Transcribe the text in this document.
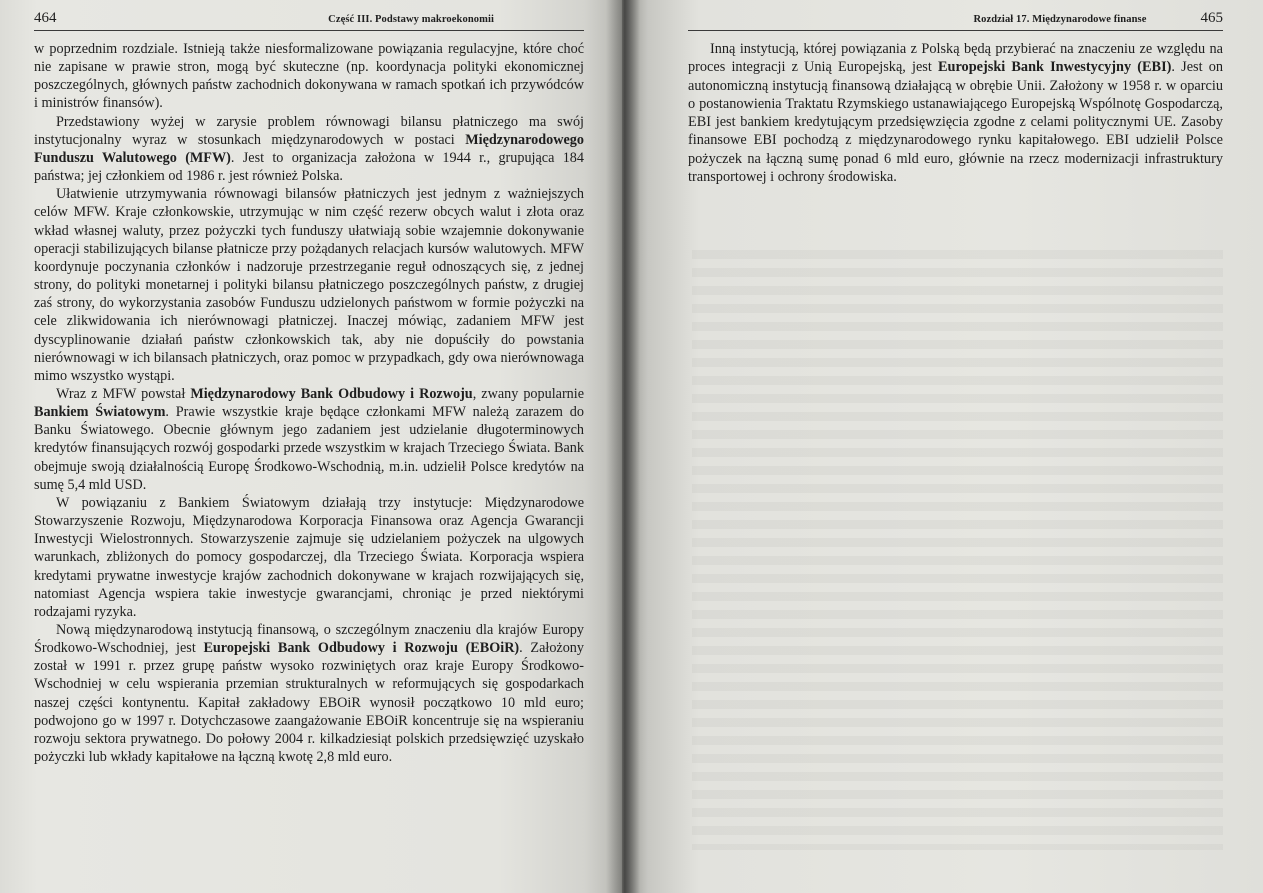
464	Część III. Podstawy makroekonomii

w poprzednim rozdziale. Istnieją także niesformalizowane powiązania regulacyjne, które choć nie zapisane w prawie stron, mogą być skuteczne (np. koordynacja polityki ekonomicznej poszczególnych, głównych państw zachodnich dokonywana w ramach spotkań ich przywódców i ministrów finansów).

Przedstawiony wyżej w zarysie problem równowagi bilansu płatniczego ma swój instytucjonalny wyraz w stosunkach międzynarodowych w postaci Międzynarodowego Funduszu Walutowego (MFW). Jest to organizacja założona w 1944 r., grupująca 184 państwa; jej członkiem od 1986 r. jest również Polska.

Ułatwienie utrzymywania równowagi bilansów płatniczych jest jednym z ważniejszych celów MFW. Kraje członkowskie, utrzymując w nim część rezerw obcych walut i złota oraz wkład własnej waluty, przez pożyczki tych funduszy ułatwiają sobie wzajemnie dokonywanie operacji stabilizujących bilanse płatnicze przy pożądanych relacjach kursów walutowych. MFW koordynuje poczynania członków i nadzoruje przestrzeganie reguł odnoszących się, z jednej strony, do polityki monetarnej i polityki bilansu płatniczego poszczególnych państw, z drugiej zaś strony, do wykorzystania zasobów Funduszu udzielonych państwom w formie pożyczki na cele zlikwidowania ich nierównowagi płatniczej. Inaczej mówiąc, zadaniem MFW jest dyscyplinowanie działań państw członkowskich tak, aby nie dopuściły do powstania nierównowagi w ich bilansach płatniczych, oraz pomoc w przypadkach, gdy owa nierównowaga mimo wszystko wystąpi.

Wraz z MFW powstał Międzynarodowy Bank Odbudowy i Rozwoju, zwany popularnie Bankiem Światowym. Prawie wszystkie kraje będące członkami MFW należą zarazem do Banku Światowego. Obecnie głównym jego zadaniem jest udzielanie długoterminowych kredytów finansujących rozwój gospodarki przede wszystkim w krajach Trzeciego Świata. Bank obejmuje swoją działalnością Europę Środkowo-Wschodnią, m.in. udzielił Polsce kredytów na sumę 5,4 mld USD.

W powiązaniu z Bankiem Światowym działają trzy instytucje: Międzynarodowe Stowarzyszenie Rozwoju, Międzynarodowa Korporacja Finansowa oraz Agencja Gwarancji Inwestycji Wielostronnych. Stowarzyszenie zajmuje się udzielaniem pożyczek na ulgowych warunkach, zbliżonych do pomocy gospodarczej, dla Trzeciego Świata. Korporacja wspiera kredytami prywatne inwestycje krajów zachodnich dokonywane w krajach rozwijających się, natomiast Agencja wspiera takie inwestycje gwarancjami, chroniąc je przed niektórymi rodzajami ryzyka.

Nową międzynarodową instytucją finansową, o szczególnym znaczeniu dla krajów Europy Środkowo-Wschodniej, jest Europejski Bank Odbudowy i Rozwoju (EBOiR). Założony został w 1991 r. przez grupę państw wysoko rozwiniętych oraz kraje Europy Środkowo-Wschodniej w celu wspierania przemian strukturalnych w reformujących się gospodarkach naszej części kontynentu. Kapitał zakładowy EBOiR wynosił początkowo 10 mld euro; podwojono go w 1997 r. Dotychczasowe zaangażowanie EBOiR koncentruje się na wspieraniu rozwoju sektora prywatnego. Do połowy 2004 r. kilkadziesiąt polskich przedsięwzięć uzyskało pożyczki lub wkłady kapitałowe na łączną kwotę 2,8 mld euro.

Rozdział 17. Międzynarodowe finanse	465

Inną instytucją, której powiązania z Polską będą przybierać na znaczeniu ze względu na proces integracji z Unią Europejską, jest Europejski Bank Inwestycyjny (EBI). Jest on autonomiczną instytucją finansową działającą w obrębie Unii. Założony w 1958 r. w oparciu o postanowienia Traktatu Rzymskiego ustanawiającego Europejską Wspólnotę Gospodarczą, EBI jest bankiem kredytującym przedsięwzięcia zgodne z celami politycznymi UE. Zasoby finansowe EBI pochodzą z międzynarodowego rynku kapitałowego. EBI udzielił Polsce pożyczek na łączną sumę ponad 6 mld euro, głównie na rzecz modernizacji infrastruktury transportowej i ochrony środowiska.
